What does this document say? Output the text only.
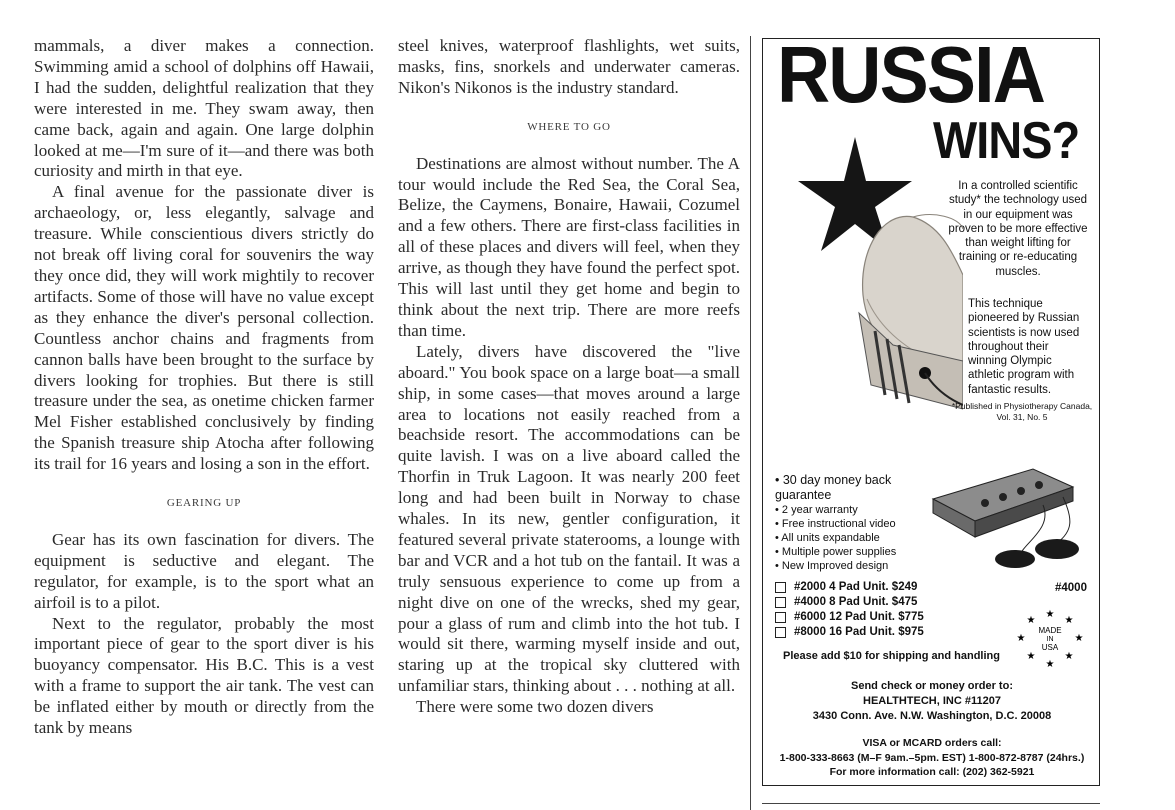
mammals, a diver makes a connection. Swimming amid a school of dolphins off Hawaii, I had the sudden, delightful realization that they were interested in me. They swam away, then came back, again and again. One large dolphin looked at me—I'm sure of it—and there was both curiosity and mirth in that eye.

A final avenue for the passionate diver is archaeology, or, less elegantly, salvage and treasure. While conscientious divers strictly do not break off living coral for souvenirs the way they once did, they will work mightily to recover artifacts. Some of those will have no value except as they enhance the diver's personal collection. Countless anchor chains and fragments from cannon balls have been brought to the surface by divers looking for trophies. But there is still treasure under the sea, as onetime chicken farmer Mel Fisher established conclusively by finding the Spanish treasure ship Atocha after following its trail for 16 years and losing a son in the effort.

GEARING UP

Gear has its own fascination for divers. The equipment is seductive and elegant. The regulator, for example, is to the sport what an airfoil is to a pilot.

Next to the regulator, probably the most important piece of gear to the sport diver is his buoyancy compensator. His B.C. This is a vest with a frame to support the air tank. The vest can be inflated either by mouth or directly from the tank by means

steel knives, waterproof flashlights, wet suits, masks, fins, snorkels and underwater cameras. Nikon's Nikonos is the industry standard.

WHERE TO GO

Destinations are almost without number. The A tour would include the Red Sea, the Coral Sea, Belize, the Caymens, Bonaire, Hawaii, Cozumel and a few others. There are first-class facilities in all of these places and divers will feel, when they arrive, as though they have found the perfect spot. This will last until they get home and begin to think about the next trip. There are more reefs than time.

Lately, divers have discovered the "live aboard." You book space on a large boat—a small ship, in some cases—that moves around a large area to locations not easily reached from a beachside resort. The accommodations can be quite lavish. I was on a live aboard called the Thorfin in Truk Lagoon. It was nearly 200 feet long and had been built in Norway to chase whales. In its new, gentler configuration, it featured several private staterooms, a lounge with bar and VCR and a hot tub on the fantail. It was a truly sensuous experience to come up from a night dive on one of the wrecks, shed my gear, pour a glass of rum and climb into the hot tub. I would sit there, warming myself inside and out, staring up at the tropical sky cluttered with unfamiliar stars, thinking about . . . nothing at all.

There were some two dozen divers

RUSSIA
WINS?
In a controlled scientific study* the technology used in our equipment was proven to be more effective than weight lifting for training or re-educating muscles.
This technique pioneered by Russian scientists is now used throughout their winning Olympic athletic program with fantastic results.
*Published in Physiotherapy Canada, Vol. 31, No. 5
• 30 day money back guarantee
• 2 year warranty
• Free instructional video
• All units expandable
• Multiple power supplies
• New Improved design
#4000
#2000 4 Pad Unit. $249
#4000 8 Pad Unit. $475
#6000 12 Pad Unit. $775
#8000 16 Pad Unit. $975
★
★	★
★	★
★	★
★
MADE
IN
USA
Please add $10 for shipping and handling
Send check or money order to:
HEALTHTECH, INC #11207
3430 Conn. Ave. N.W. Washington, D.C. 20008
VISA or MCARD orders call:
1-800-333-8663 (M–F 9am.–5pm. EST) 1-800-872-8787 (24hrs.)
For more information call: (202) 362-5921
